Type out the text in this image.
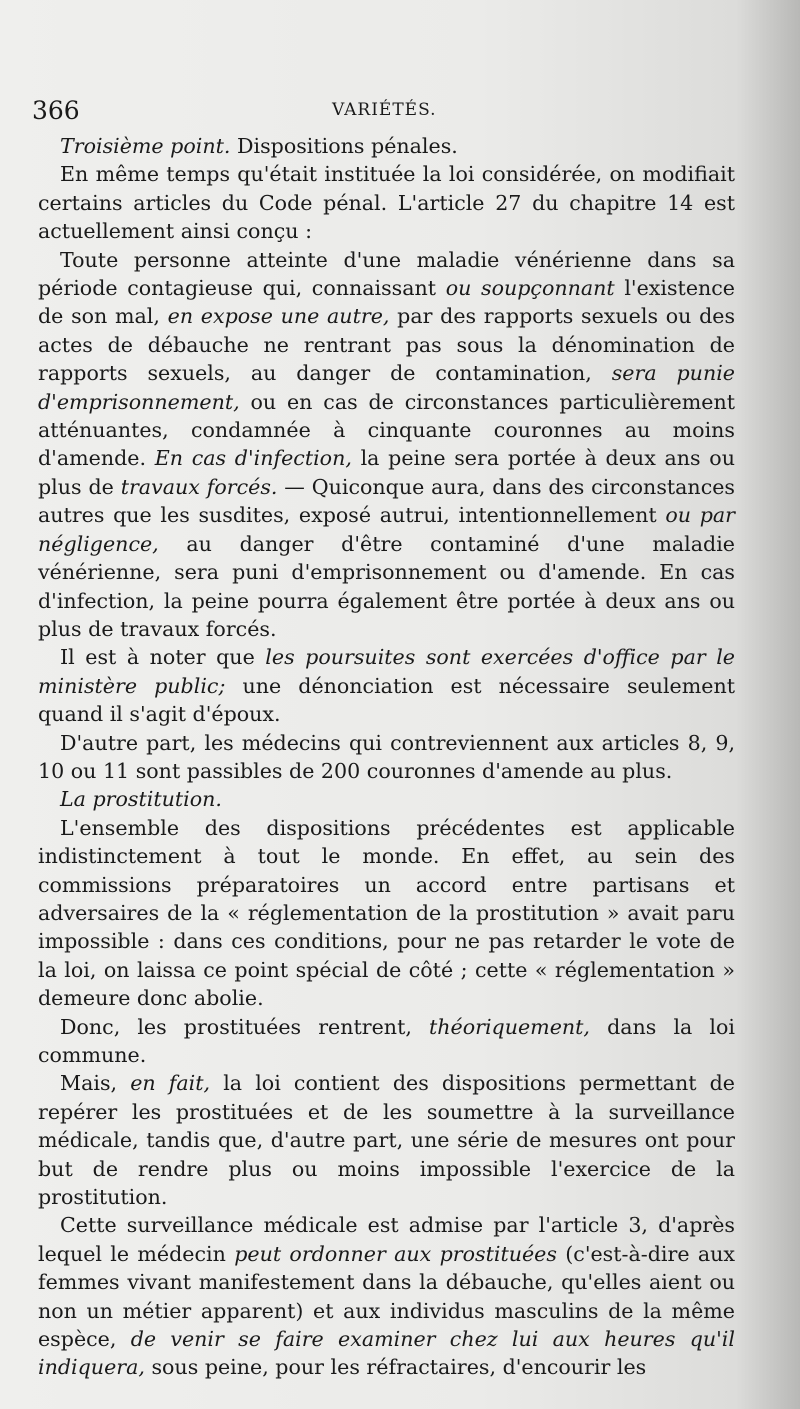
366	VARIÉTÉS.

Troisième point. Dispositions pénales.

En même temps qu'était instituée la loi considérée, on modifiait certains articles du Code pénal. L'article 27 du chapitre 14 est actuellement ainsi conçu :

Toute personne atteinte d'une maladie vénérienne dans sa période contagieuse qui, connaissant ou soupçonnant l'existence de son mal, en expose une autre, par des rapports sexuels ou des actes de débauche ne rentrant pas sous la dénomination de rapports sexuels, au danger de contamination, sera punie d'emprisonnement, ou en cas de circonstances particulièrement atténuantes, condamnée à cinquante couronnes au moins d'amende. En cas d'infection, la peine sera portée à deux ans ou plus de travaux forcés. — Quiconque aura, dans des circonstances autres que les susdites, exposé autrui, intentionnellement ou par négligence, au danger d'être contaminé d'une maladie vénérienne, sera puni d'emprisonnement ou d'amende. En cas d'infection, la peine pourra également être portée à deux ans ou plus de travaux forcés.

Il est à noter que les poursuites sont exercées d'office par le ministère public; une dénonciation est nécessaire seulement quand il s'agit d'époux.

D'autre part, les médecins qui contreviennent aux articles 8, 9, 10 ou 11 sont passibles de 200 couronnes d'amende au plus.

La prostitution.

L'ensemble des dispositions précédentes est applicable indistinctement à tout le monde. En effet, au sein des commissions préparatoires un accord entre partisans et adversaires de la « réglementation de la prostitution » avait paru impossible : dans ces conditions, pour ne pas retarder le vote de la loi, on laissa ce point spécial de côté ; cette « réglementation » demeure donc abolie.

Donc, les prostituées rentrent, théoriquement, dans la loi commune.

Mais, en fait, la loi contient des dispositions permettant de repérer les prostituées et de les soumettre à la surveillance médicale, tandis que, d'autre part, une série de mesures ont pour but de rendre plus ou moins impossible l'exercice de la prostitution.

Cette surveillance médicale est admise par l'article 3, d'après lequel le médecin peut ordonner aux prostituées (c'est-à-dire aux femmes vivant manifestement dans la débauche, qu'elles aient ou non un métier apparent) et aux individus masculins de la même espèce, de venir se faire examiner chez lui aux heures qu'il indiquera, sous peine, pour les réfractaires, d'encourir les
